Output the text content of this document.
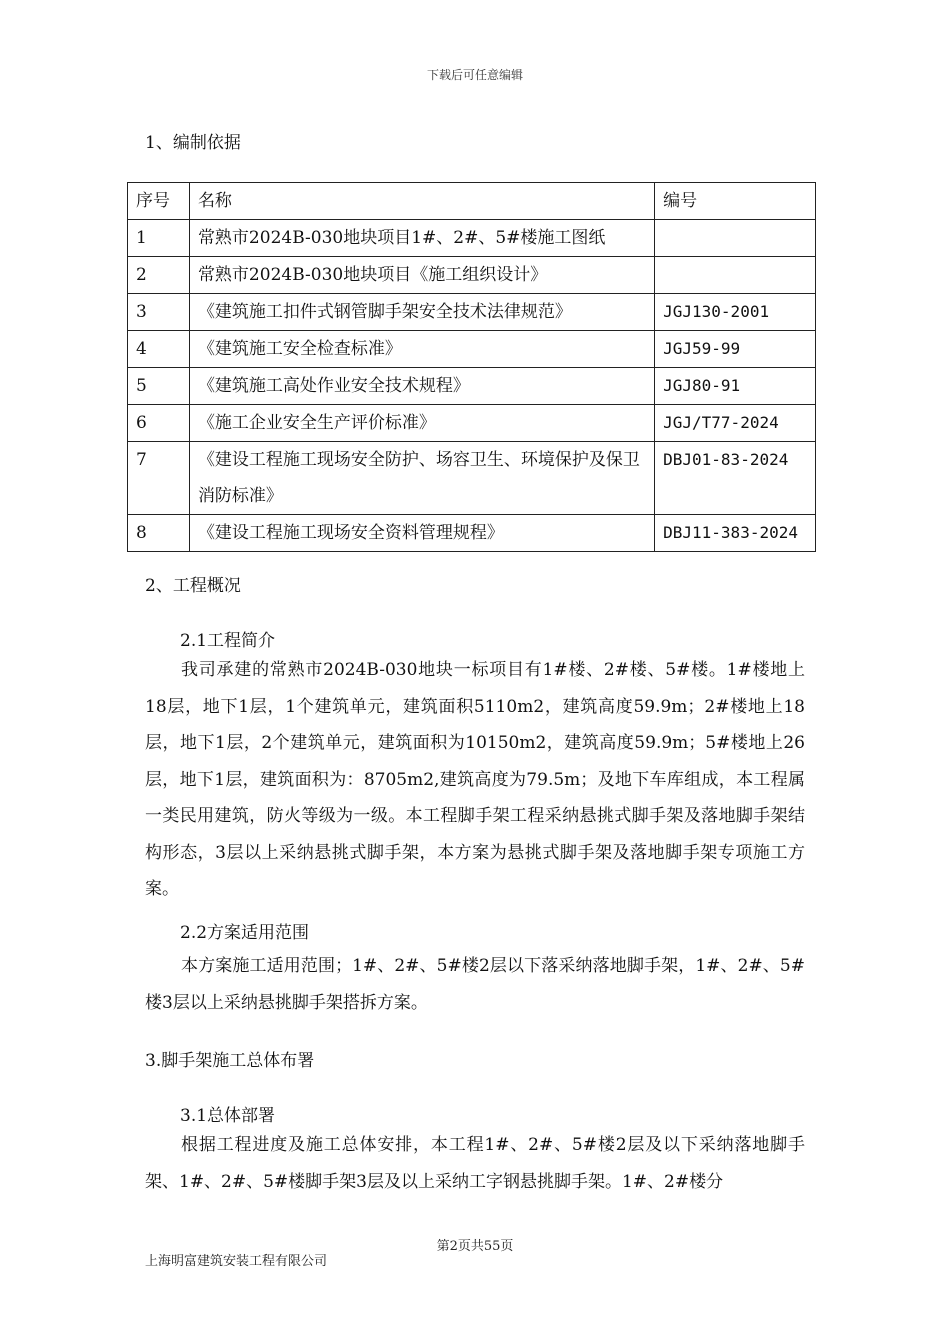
下载后可任意编辑
1、编制依据
序号	名称	编号
1	常熟市2024B-030地块项目1#、2#、5#楼施工图纸	
2	常熟市2024B-030地块项目《施工组织设计》	
3	《建筑施工扣件式钢管脚手架安全技术法律规范》	JGJ130-2001
4	《建筑施工安全检查标准》	JGJ59-99
5	《建筑施工高处作业安全技术规程》	JGJ80-91
6	《施工企业安全生产评价标准》	JGJ/T77-2024
7	《建设工程施工现场安全防护、场容卫生、环境保护及保卫消防标准》	DBJ01-83-2024
8	《建设工程施工现场安全资料管理规程》	DBJ11-383-2024
2、工程概况
2.1工程简介
我司承建的常熟市2024B-030地块一标项目有1#楼、2#楼、5#楼。1#楼地上18层，地下1层，1个建筑单元，建筑面积5110m2，建筑高度59.9m；2#楼地上18层，地下1层，2个建筑单元，建筑面积为10150m2，建筑高度59.9m；5#楼地上26层，地下1层，建筑面积为：8705m2,建筑高度为79.5m；及地下车库组成，本工程属一类民用建筑，防火等级为一级。本工程脚手架工程采纳悬挑式脚手架及落地脚手架结构形态，3层以上采纳悬挑式脚手架，本方案为悬挑式脚手架及落地脚手架专项施工方案。
2.2方案适用范围
本方案施工适用范围；1#、2#、5#楼2层以下落采纳落地脚手架，1#、2#、5#楼3层以上采纳悬挑脚手架搭拆方案。
3.脚手架施工总体布署
3.1总体部署
根据工程进度及施工总体安排，本工程1#、2#、5#楼2层及以下采纳落地脚手架、1#、2#、5#楼脚手架3层及以上采纳工字钢悬挑脚手架。1#、2#楼分
第2页共55页
上海明富建筑安装工程有限公司
